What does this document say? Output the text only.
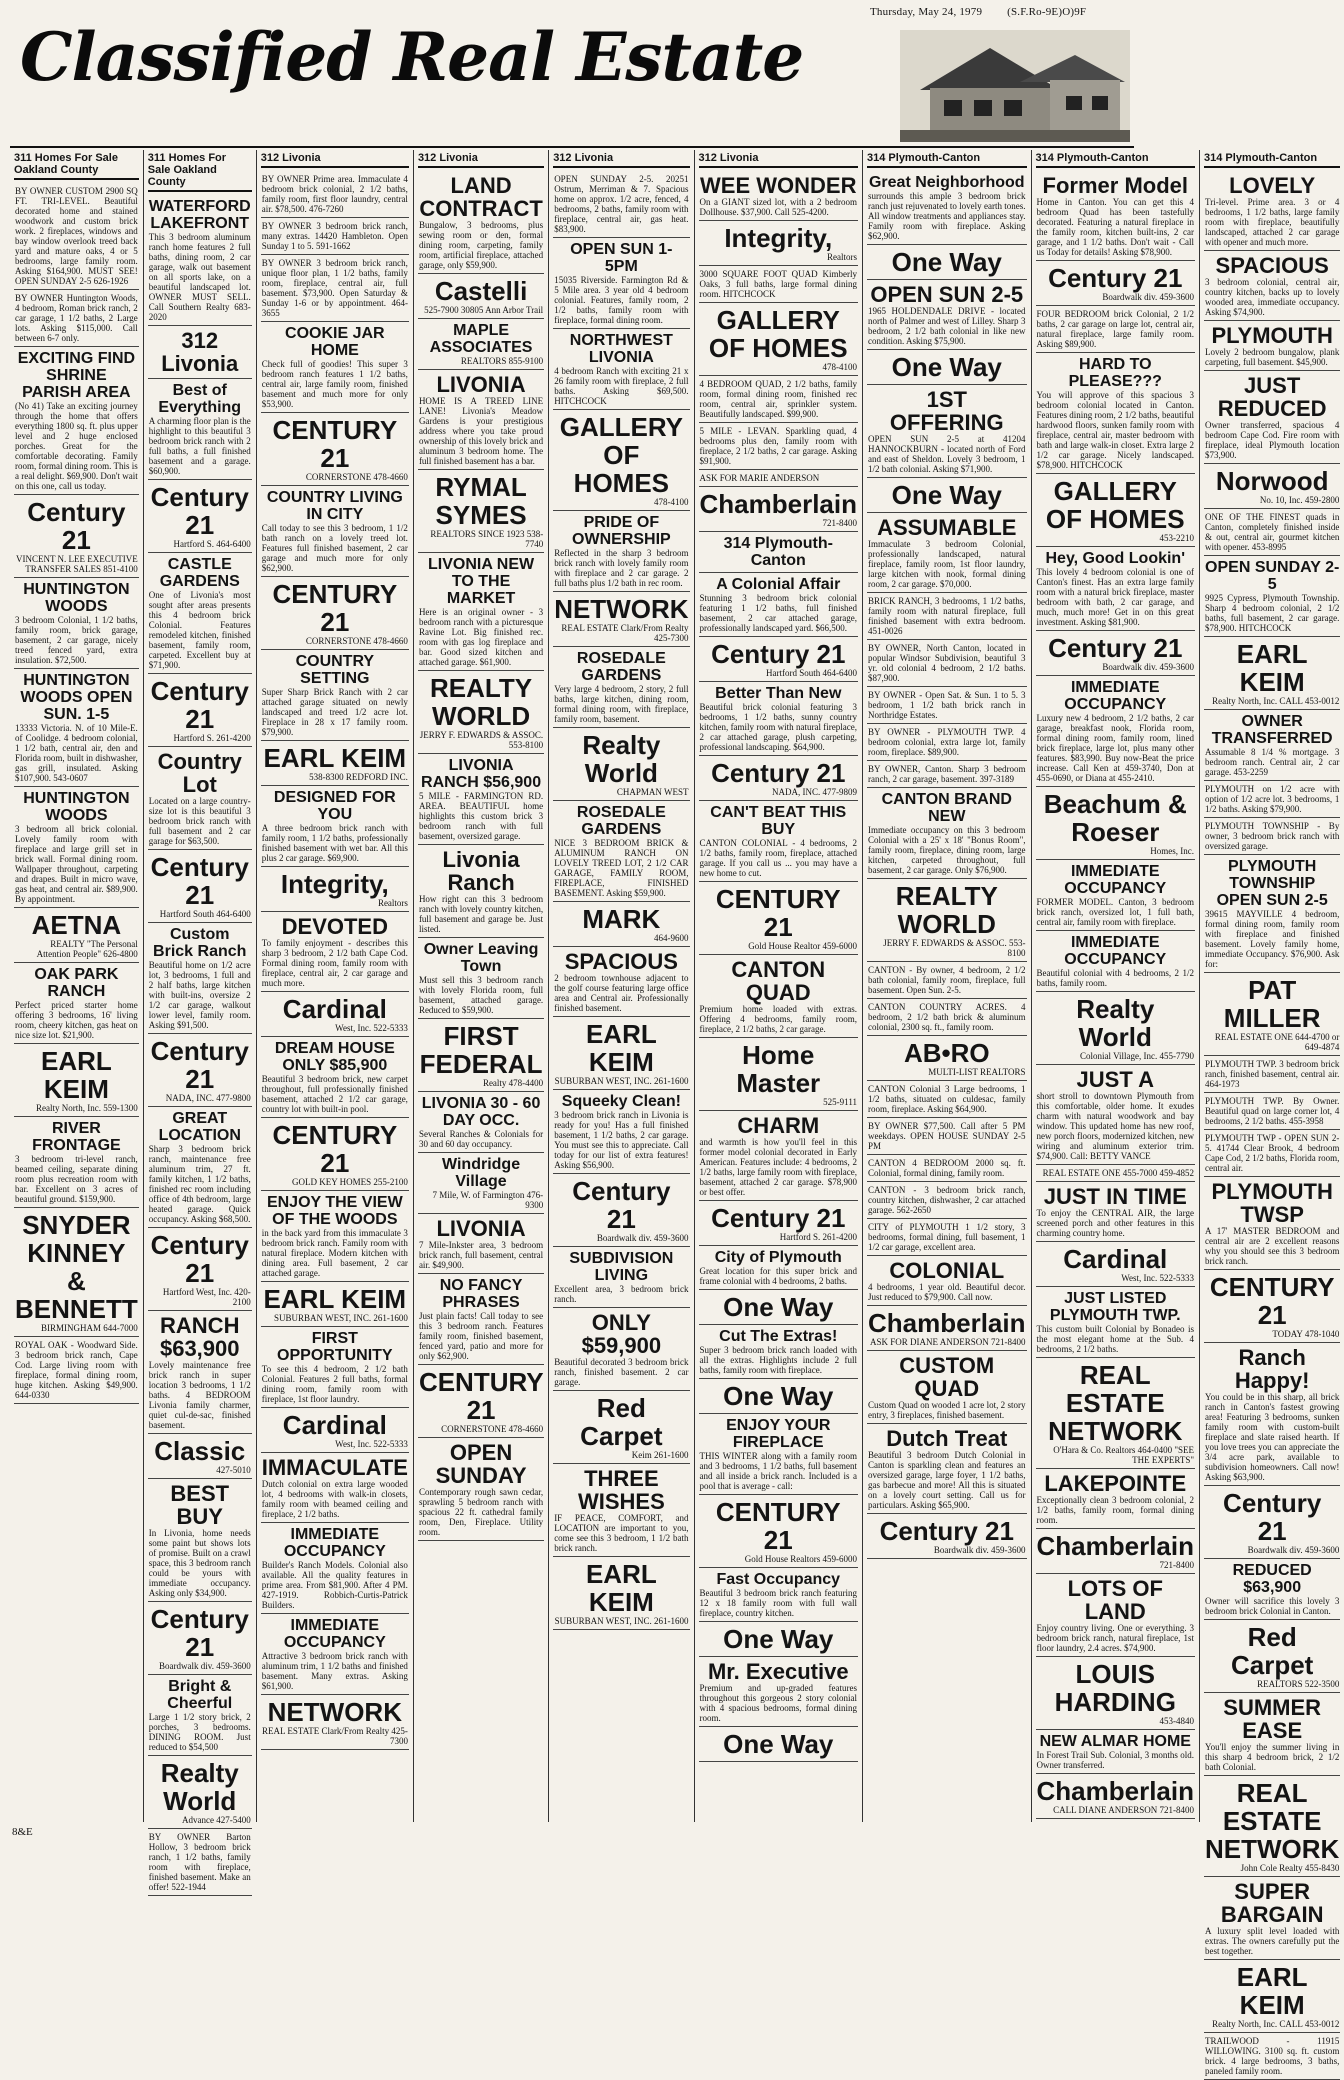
Thursday, May 24, 1979 (S.F.Ro-9E)O)9F
Classified Real Estate
311 Homes For Sale Oakland County
BY OWNER CUSTOM 2900 SQ FT. TRI-LEVEL. Beautiful decorated home and stained woodwork and custom brick work. 2 fireplaces, windows and bay window overlook treed back yard and mature oaks, 4 or 5 bedrooms, large family room. Asking $164,900. MUST SEE! OPEN SUNDAY 2-5 626-1926
BY OWNER Huntington Woods, 4 bedroom, Roman brick ranch, 2 car garage, 1 1/2 baths, 2 Large lots. Asking $115,000. Call between 6-7 only.
EXCITING FIND SHRINE PARISH AREA
(No 41) Take an exciting journey through the home that offers everything 1800 sq. ft. plus upper level and 2 huge enclosed porches. Great for the comfortable decorating. Family room, formal dining room. This is a real delight. $69,900. Don't wait on this one, call us today.
Century 21
VINCENT N. LEE EXECUTIVE TRANSFER SALES 851-4100
HUNTINGTON WOODS
3 bedroom Colonial, 1 1/2 baths, family room, brick garage, basement, 2 car garage, nicely treed fenced yard, extra insulation. $72,500.
HUNTINGTON WOODS OPEN SUN. 1-5
13333 Victoria. N. of 10 Mile-E. of Coolidge. 4 bedroom colonial, 1 1/2 bath, central air, den and Florida room, built in dishwasher, gas grill, insulated. Asking $107,900. 543-0607
HUNTINGTON WOODS
3 bedroom all brick colonial. Lovely family room with fireplace and large grill set in brick wall. Formal dining room. Wallpaper throughout, carpeting and drapes. Built in micro wave, gas heat, and central air. $89,900. By appointment.
AETNA
REALTY "The Personal Attention People" 626-4800
OAK PARK RANCH
Perfect priced starter home offering 3 bedrooms, 16' living room, cheery kitchen, gas heat on nice size lot. $21,900.
EARL KEIM
Realty North, Inc. 559-1300
RIVER FRONTAGE
3 bedroom tri-level ranch, beamed ceiling, separate dining room plus recreation room with bar. Excellent on 3 acres of beautiful ground. $159,900.
SNYDER KINNEY & BENNETT
BIRMINGHAM 644-7000
ROYAL OAK - Woodward Side. 3 bedroom brick ranch, Cape Cod. Large living room with fireplace, formal dining room, huge kitchen. Asking $49,900. 644-0330
311 Homes For Sale Oakland County
WATERFORD LAKEFRONT
This 3 bedroom aluminum ranch home features 2 full baths, dining room, 2 car garage, walk out basement on all sports lake, on a beautiful landscaped lot. OWNER MUST SELL. Call Southern Realty 683-2020
312 Livonia
Best of Everything
A charming floor plan is the highlight to this beautiful 3 bedroom brick ranch with 2 full baths, a full finished basement and a garage. $60,900.
Century 21
Hartford S. 464-6400
CASTLE GARDENS
One of Livonia's most sought after areas presents this 4 bedroom brick Colonial. Features remodeled kitchen, finished basement, family room, carpeted. Excellent buy at $71,900.
Century 21
Hartford S. 261-4200
Country Lot
Located on a large country-size lot is this beautiful 3 bedroom brick ranch with full basement and 2 car garage for $63,500.
Century 21
Hartford South 464-6400
Custom Brick Ranch
Beautiful home on 1/2 acre lot, 3 bedrooms, 1 full and 2 half baths, large kitchen with built-ins, oversize 2 1/2 car garage, walkout lower level, family room. Asking $91,500.
Century 21
NADA, INC. 477-9800
GREAT LOCATION
Sharp 3 bedroom brick ranch, maintenance free aluminum trim, 27 ft. family kitchen, 1 1/2 baths, finished rec room including office of 4th bedroom, large heated garage. Quick occupancy. Asking $68,500.
Century 21
Hartford West, Inc. 420-2100
RANCH $63,900
Lovely maintenance free brick ranch in super location 3 bedrooms, 1 1/2 baths. 4 BEDROOM Livonia family charmer, quiet cul-de-sac, finished basement.
Classic
427-5010
BEST BUY
In Livonia, home needs some paint but shows lots of promise. Built on a crawl space, this 3 bedroom ranch could be yours with immediate occupancy. Asking only $34,900.
Century 21
Boardwalk div. 459-3600
Bright & Cheerful
Large 1 1/2 story brick, 2 porches, 3 bedrooms. DINING ROOM. Just reduced to $54,500
Realty World
Advance 427-5400
BY OWNER Barton Hollow, 3 bedroom brick ranch, 1 1/2 baths, family room with fireplace, finished basement. Make an offer! 522-1944
312 Livonia
BY OWNER Prime area. Immaculate 4 bedroom brick colonial, 2 1/2 baths, family room, first floor laundry, central air. $78,500. 476-7260
BY OWNER 3 bedroom brick ranch, many extras. 14420 Hambleton. Open Sunday 1 to 5. 591-1662
BY OWNER 3 bedroom brick ranch, unique floor plan, 1 1/2 baths, family room, fireplace, central air, full basement. $73,900. Open Saturday & Sunday 1-6 or by appointment. 464-3655
COOKIE JAR HOME
Check full of goodies! This super 3 bedroom ranch features 1 1/2 baths, central air, large family room, finished basement and much more for only $53,900.
CENTURY 21
CORNERSTONE 478-4660
COUNTRY LIVING IN CITY
Call today to see this 3 bedroom, 1 1/2 bath ranch on a lovely treed lot. Features full finished basement, 2 car garage and much more for only $62,900.
CENTURY 21
CORNERSTONE 478-4660
COUNTRY SETTING
Super Sharp Brick Ranch with 2 car attached garage situated on newly landscaped and treed 1/2 acre lot. Fireplace in 28 x 17 family room. $79,900.
EARL KEIM
538-8300 REDFORD INC.
DESIGNED FOR YOU
A three bedroom brick ranch with family room, 1 1/2 baths, professionally finished basement with wet bar. All this plus 2 car garage. $69,900.
Integrity,
Realtors
DEVOTED
To family enjoyment - describes this sharp 3 bedroom, 2 1/2 bath Cape Cod. Formal dining room, family room with fireplace, central air, 2 car garage and much more.
Cardinal
West, Inc. 522-5333
DREAM HOUSE ONLY $85,900
Beautiful 3 bedroom brick, new carpet throughout, full professionally finished basement, attached 2 1/2 car garage, country lot with built-in pool.
CENTURY 21
GOLD KEY HOMES 255-2100
ENJOY THE VIEW OF THE WOODS
in the back yard from this immaculate 3 bedroom brick ranch. Family room with natural fireplace. Modern kitchen with dining area. Full basement, 2 car attached garage.
EARL KEIM
SUBURBAN WEST, INC. 261-1600
FIRST OPPORTUNITY
To see this 4 bedroom, 2 1/2 bath Colonial. Features 2 full baths, formal dining room, family room with fireplace, 1st floor laundry.
Cardinal
West, Inc. 522-5333
IMMACULATE
Dutch colonial on extra large wooded lot, 4 bedrooms with walk-in closets, family room with beamed ceiling and fireplace, 2 1/2 baths.
IMMEDIATE OCCUPANCY
Builder's Ranch Models. Colonial also available. All the quality features in prime area. From $81,900. After 4 PM. 427-1919. Robbich-Curtis-Patrick Builders.
IMMEDIATE OCCUPANCY
Attractive 3 bedroom brick ranch with aluminum trim, 1 1/2 baths and finished basement. Many extras. Asking $61,900.
NETWORK
REAL ESTATE Clark/From Realty 425-7300
312 Livonia
LAND CONTRACT
Bungalow, 3 bedrooms, plus sewing room or den, formal dining room, carpeting, family room, artificial fireplace, attached garage, only $59,900.
Castelli
525-7900 30805 Ann Arbor Trail
MAPLE ASSOCIATES
REALTORS 855-9100
LIVONIA
HOME IS A TREED LINE LANE! Livonia's Meadow Gardens is your prestigious address where you take proud ownership of this lovely brick and aluminum 3 bedroom home. The full finished basement has a bar.
RYMAL SYMES
REALTORS SINCE 1923 538-7740
LIVONIA NEW TO THE MARKET
Here is an original owner - 3 bedroom ranch with a picturesque Ravine Lot. Big finished rec. room with gas log fireplace and bar. Good sized kitchen and attached garage. $61,900.
REALTY WORLD
JERRY F. EDWARDS & ASSOC. 553-8100
LIVONIA RANCH $56,900
5 MILE - FARMINGTON RD. AREA. BEAUTIFUL home highlights this custom brick 3 bedroom ranch with full basement, oversized garage.
Livonia Ranch
How right can this 3 bedroom ranch with lovely country kitchen, full basement and garage be. Just listed.
Owner Leaving Town
Must sell this 3 bedroom ranch with lovely Florida room, full basement, attached garage. Reduced to $59,900.
FIRST FEDERAL
Realty 478-4400
LIVONIA 30 - 60 DAY OCC.
Several Ranches & Colonials for 30 and 60 day occupancy.
Windridge Village
7 Mile, W. of Farmington 476-9300
LIVONIA
7 Mile-Inkster area, 3 bedroom brick ranch, full basement, central air. $49,900.
NO FANCY PHRASES
Just plain facts! Call today to see this 3 bedroom ranch. Features family room, finished basement, fenced yard, patio and more for only $62,900.
CENTURY 21
CORNERSTONE 478-4660
OPEN SUNDAY
Contemporary rough sawn cedar, sprawling 5 bedroom ranch with spacious 22 ft. cathedral family room, Den, Fireplace. Utility room.
312 Livonia
OPEN SUNDAY 2-5. 20251 Ostrum, Merriman & 7. Spacious home on approx. 1/2 acre, fenced, 4 bedrooms, 2 baths, family room with fireplace, central air, gas heat. $83,900.
OPEN SUN 1-5PM
15035 Riverside. Farmington Rd & 5 Mile area. 3 year old 4 bedroom colonial. Features, family room, 2 1/2 baths, family room with fireplace, formal dining room.
NORTHWEST LIVONIA
4 bedroom Ranch with exciting 21 x 26 family room with fireplace, 2 full baths. Asking $69,500. HITCHCOCK
GALLERY OF HOMES
478-4100
PRIDE OF OWNERSHIP
Reflected in the sharp 3 bedroom brick ranch with lovely family room with fireplace and 2 car garage. 2 full baths plus 1/2 bath in rec room.
NETWORK
REAL ESTATE Clark/From Realty 425-7300
ROSEDALE GARDENS
Very large 4 bedroom, 2 story, 2 full baths, large kitchen, dining room, formal dining room, with fireplace, family room, basement.
Realty World
CHAPMAN WEST
ROSEDALE GARDENS
NICE 3 BEDROOM BRICK & ALUMINUM RANCH ON LOVELY TREED LOT, 2 1/2 CAR GARAGE, FAMILY ROOM, FIREPLACE, FINISHED BASEMENT. Asking $59,900.
MARK
464-9600
SPACIOUS
2 bedroom townhouse adjacent to the golf course featuring large office area and Central air. Professionally finished basement.
EARL KEIM
SUBURBAN WEST, INC. 261-1600
Squeeky Clean!
3 bedroom brick ranch in Livonia is ready for you! Has a full finished basement, 1 1/2 baths, 2 car garage. You must see this to appreciate. Call today for our list of extra features! Asking $56,900.
Century 21
Boardwalk div. 459-3600
SUBDIVISION LIVING
Excellent area, 3 bedroom brick ranch.
ONLY $59,900
Beautiful decorated 3 bedroom brick ranch, finished basement. 2 car garage.
Red Carpet
Keim 261-1600
THREE WISHES
IF PEACE, COMFORT, and LOCATION are important to you, come see this 3 bedroom, 1 1/2 bath brick ranch.
EARL KEIM
SUBURBAN WEST, INC. 261-1600
312 Livonia
WEE WONDER
On a GIANT sized lot, with a 2 bedroom Dollhouse. $37,900. Call 525-4200.
Integrity,
Realtors
3000 SQUARE FOOT QUAD Kimberly Oaks, 3 full baths, large formal dining room. HITCHCOCK
GALLERY OF HOMES
478-4100
4 BEDROOM QUAD, 2 1/2 baths, family room, formal dining room, finished rec room, central air, sprinkler system. Beautifully landscaped. $99,900.
5 MILE - LEVAN. Sparkling quad, 4 bedrooms plus den, family room with fireplace, 2 1/2 baths, 2 car garage. Asking $91,900.
ASK FOR MARIE ANDERSON
Chamberlain
721-8400
314 Plymouth-Canton
A Colonial Affair
Stunning 3 bedroom brick colonial featuring 1 1/2 baths, full finished basement, 2 car attached garage, professionally landscaped yard. $66,500.
Century 21
Hartford South 464-6400
Better Than New
Beautiful brick colonial featuring 3 bedrooms, 1 1/2 baths, sunny country kitchen, family room with natural fireplace, 2 car attached garage, plush carpeting, professional landscaping. $64,900.
Century 21
NADA, INC. 477-9809
CAN'T BEAT THIS BUY
CANTON COLONIAL - 4 bedrooms, 2 1/2 baths, family room, fireplace, attached garage. If you call us ... you may have a new home to cut.
CENTURY 21
Gold House Realtor 459-6000
CANTON QUAD
Premium home loaded with extras. Offering 4 bedrooms, family room, fireplace, 2 1/2 baths, 2 car garage.
Home Master
525-9111
CHARM
and warmth is how you'll feel in this former model colonial decorated in Early American. Features include: 4 bedrooms, 2 1/2 baths, large family room with fireplace, basement, attached 2 car garage. $78,900 or best offer.
Century 21
Hartford S. 261-4200
City of Plymouth
Great location for this super brick and frame colonial with 4 bedrooms, 2 baths.
One Way
Cut The Extras!
Super 3 bedroom brick ranch loaded with all the extras. Highlights include 2 full baths, family room with fireplace.
One Way
ENJOY YOUR FIREPLACE
THIS WINTER along with a family room and 3 bedrooms, 1 1/2 baths, full basement and all inside a brick ranch. Included is a pool that is average - call:
CENTURY 21
Gold House Realtors 459-6000
Fast Occupancy
Beautiful 3 bedroom brick ranch featuring 12 x 18 family room with full wall fireplace, country kitchen.
One Way
Mr. Executive
Premium and up-graded features throughout this gorgeous 2 story colonial with 4 spacious bedrooms, formal dining room.
One Way
314 Plymouth-Canton
Great Neighborhood
surrounds this ample 3 bedroom brick ranch just rejuvenated to lovely earth tones. All window treatments and appliances stay. Family room with fireplace. Asking $62,900.
One Way
OPEN SUN 2-5
1965 HOLDENDALE DRIVE - located north of Palmer and west of Lilley. Sharp 3 bedroom, 2 1/2 bath colonial in like new condition. Asking $75,900.
One Way
1ST OFFERING
OPEN SUN 2-5 at 41204 HANNOCKBURN - located north of Ford and east of Sheldon. Lovely 3 bedroom, 1 1/2 bath colonial. Asking $71,900.
One Way
ASSUMABLE
Immaculate 3 bedroom Colonial, professionally landscaped, natural fireplace, family room, 1st floor laundry, large kitchen with nook, formal dining room, 2 car garage. $70,000.
BRICK RANCH, 3 bedrooms, 1 1/2 baths, family room with natural fireplace, full finished basement with extra bedroom. 451-0026
BY OWNER, North Canton, located in popular Windsor Subdivision, beautiful 3 yr. old colonial 4 bedroom, 2 1/2 baths. $87,900.
BY OWNER - Open Sat. & Sun. 1 to 5. 3 bedroom, 1 1/2 bath brick ranch in Northridge Estates.
BY OWNER - PLYMOUTH TWP. 4 bedroom colonial, extra large lot, family room, fireplace. $89,900.
BY OWNER, Canton. Sharp 3 bedroom ranch, 2 car garage, basement. 397-3189
CANTON BRAND NEW
Immediate occupancy on this 3 bedroom Colonial with a 25' x 18' "Bonus Room", family room, fireplace, dining room, large kitchen, carpeted throughout, full basement, 2 car garage. Only $76,900.
REALTY WORLD
JERRY F. EDWARDS & ASSOC. 553-8100
CANTON - By owner, 4 bedroom, 2 1/2 bath colonial, family room, fireplace, full basement. Open Sun. 2-5.
CANTON COUNTRY ACRES. 4 bedroom, 2 1/2 bath brick & aluminum colonial, 2300 sq. ft., family room.
AB•RO
MULTI-LIST REALTORS
CANTON Colonial 3 Large bedrooms, 1 1/2 baths, situated on culdesac, family room, fireplace. Asking $64,900.
BY OWNER $77,500. Call after 5 PM weekdays. OPEN HOUSE SUNDAY 2-5 PM
CANTON 4 BEDROOM 2000 sq. ft. Colonial, formal dining, family room.
CANTON - 3 bedroom brick ranch, country kitchen, dishwasher, 2 car attached garage. 562-2650
CITY of PLYMOUTH 1 1/2 story, 3 bedrooms, formal dining, full basement, 1 1/2 car garage, excellent area.
COLONIAL
4 bedrooms, 1 year old. Beautiful decor. Just reduced to $79,900. Call now.
Chamberlain
ASK FOR DIANE ANDERSON 721-8400
CUSTOM QUAD
Custom Quad on wooded 1 acre lot, 2 story entry, 3 fireplaces, finished basement.
Dutch Treat
Beautiful 3 bedroom Dutch Colonial in Canton is sparkling clean and features an oversized garage, large foyer, 1 1/2 baths, gas barbecue and more! All this is situated on a lovely court setting. Call us for particulars. Asking $65,900.
Century 21
Boardwalk div. 459-3600
314 Plymouth-Canton
Former Model
Home in Canton. You can get this 4 bedroom Quad has been tastefully decorated. Featuring a natural fireplace in the family room, kitchen built-ins, 2 car garage, and 1 1/2 baths. Don't wait - Call us Today for details! Asking $78,900.
Century 21
Boardwalk div. 459-3600
FOUR BEDROOM brick Colonial, 2 1/2 baths, 2 car garage on large lot, central air, natural fireplace, large family room. Asking $89,900.
HARD TO PLEASE???
You will approve of this spacious 3 bedroom colonial located in Canton. Features dining room, 2 1/2 baths, beautiful hardwood floors, sunken family room with fireplace, central air, master bedroom with bath and large walk-in closet. Extra large 2 1/2 car garage. Nicely landscaped. $78,900. HITCHCOCK
GALLERY OF HOMES
453-2210
Hey, Good Lookin'
This lovely 4 bedroom colonial is one of Canton's finest. Has an extra large family room with a natural brick fireplace, master bedroom with bath, 2 car garage, and much, much more! Get in on this great investment. Asking $81,900.
Century 21
Boardwalk div. 459-3600
IMMEDIATE OCCUPANCY
Luxury new 4 bedroom, 2 1/2 baths, 2 car garage, breakfast nook, Florida room, formal dining room, family room, lined brick fireplace, large lot, plus many other features. $83,990. Buy now-Beat the price increase. Call Ken at 459-3740, Don at 455-0690, or Diana at 455-2410.
Beachum & Roeser
Homes, Inc.
IMMEDIATE OCCUPANCY
FORMER MODEL. Canton, 3 bedroom brick ranch, oversized lot, 1 full bath, central air, family room with fireplace.
IMMEDIATE OCCUPANCY
Beautiful colonial with 4 bedrooms, 2 1/2 baths, family room.
Realty World
Colonial Village, Inc. 455-7790
JUST A
short stroll to downtown Plymouth from this comfortable, older home. It exudes charm with natural woodwork and bay window. This updated home has new roof, new porch floors, modernized kitchen, new wiring and aluminum exterior trim. $74,900. Call: BETTY VANCE
REAL ESTATE ONE 455-7000 459-4852
JUST IN TIME
To enjoy the CENTRAL AIR, the large screened porch and other features in this charming country home.
Cardinal
West, Inc. 522-5333
JUST LISTED PLYMOUTH TWP.
This custom built Colonial by Bonadeo is the most elegant home at the Sub. 4 bedrooms, 2 1/2 baths.
REAL ESTATE NETWORK
O'Hara & Co. Realtors 464-0400 "SEE THE EXPERTS"
LAKEPOINTE
Exceptionally clean 3 bedroom colonial, 2 1/2 baths, family room, formal dining room.
Chamberlain
721-8400
LOTS OF LAND
Enjoy country living. One or everything. 3 bedroom brick ranch, natural fireplace, 1st floor laundry, 2.4 acres. $74,900.
LOUIS HARDING
453-4840
NEW ALMAR HOME
In Forest Trail Sub. Colonial, 3 months old. Owner transferred.
Chamberlain
CALL DIANE ANDERSON 721-8400
314 Plymouth-Canton
LOVELY
Tri-level. Prime area. 3 or 4 bedrooms, 1 1/2 baths, large family room with fireplace, beautifully landscaped, attached 2 car garage with opener and much more.
SPACIOUS
3 bedroom colonial, central air, country kitchen, backs up to lovely wooded area, immediate occupancy. Asking $74,900.
PLYMOUTH
Lovely 2 bedroom bungalow, plank carpeting, full basement. $45,900.
JUST REDUCED
Owner transferred, spacious 4 bedroom Cape Cod. Fire room with fireplace, ideal Plymouth location $73,900.
Norwood
No. 10, Inc. 459-2800
ONE OF THE FINEST quads in Canton, completely finished inside & out, central air, gourmet kitchen with opener. 453-8995
OPEN SUNDAY 2-5
9925 Cypress, Plymouth Township. Sharp 4 bedroom colonial, 2 1/2 baths, full basement, 2 car garage. $78,900. HITCHCOCK
EARL KEIM
Realty North, Inc. CALL 453-0012
OWNER TRANSFERRED
Assumable 8 1/4 % mortgage. 3 bedroom ranch. Central air, 2 car garage. 453-2259
PLYMOUTH on 1/2 acre with option of 1/2 acre lot. 3 bedrooms, 1 1/2 baths. Asking $79,900.
PLYMOUTH TOWNSHIP - By owner, 3 bedroom brick ranch with oversized garage.
PLYMOUTH TOWNSHIP OPEN SUN 2-5
39615 MAYVILLE 4 bedroom, formal dining room, family room with fireplace and finished basement. Lovely family home, immediate Occupancy. $76,900. Ask for:
PAT MILLER
REAL ESTATE ONE 644-4700 or 649-4874
PLYMOUTH TWP. 3 bedroom brick ranch, finished basement, central air. 464-1973
PLYMOUTH TWP. By Owner. Beautiful quad on large corner lot, 4 bedrooms, 2 1/2 baths. 455-3958
PLYMOUTH TWP - OPEN SUN 2-5. 41744 Clear Brook, 4 bedroom Cape Cod, 2 1/2 baths, Florida room, central air.
PLYMOUTH TWSP
A 17' MASTER BEDROOM and central air are 2 excellent reasons why you should see this 3 bedroom brick ranch.
CENTURY 21
TODAY 478-1040
Ranch Happy!
You could be in this sharp, all brick ranch in Canton's fastest growing area! Featuring 3 bedrooms, sunken family room with custom-built fireplace and slate raised hearth. If you love trees you can appreciate the 3/4 acre park, available to subdivision homeowners. Call now! Asking $63,900.
Century 21
Boardwalk div. 459-3600
REDUCED $63,900
Owner will sacrifice this lovely 3 bedroom brick Colonial in Canton.
Red Carpet
REALTORS 522-3500
SUMMER EASE
You'll enjoy the summer living in this sharp 4 bedroom brick, 2 1/2 bath Colonial.
REAL ESTATE NETWORK
John Cole Realty 455-8430
SUPER BARGAIN
A luxury split level loaded with extras. The owners carefully put the best together.
EARL KEIM
Realty North, Inc. CALL 453-0012
TRAILWOOD - 11915 WILLOWING. 3100 sq. ft. custom brick. 4 large bedrooms, 3 baths, paneled family room.
8&E
